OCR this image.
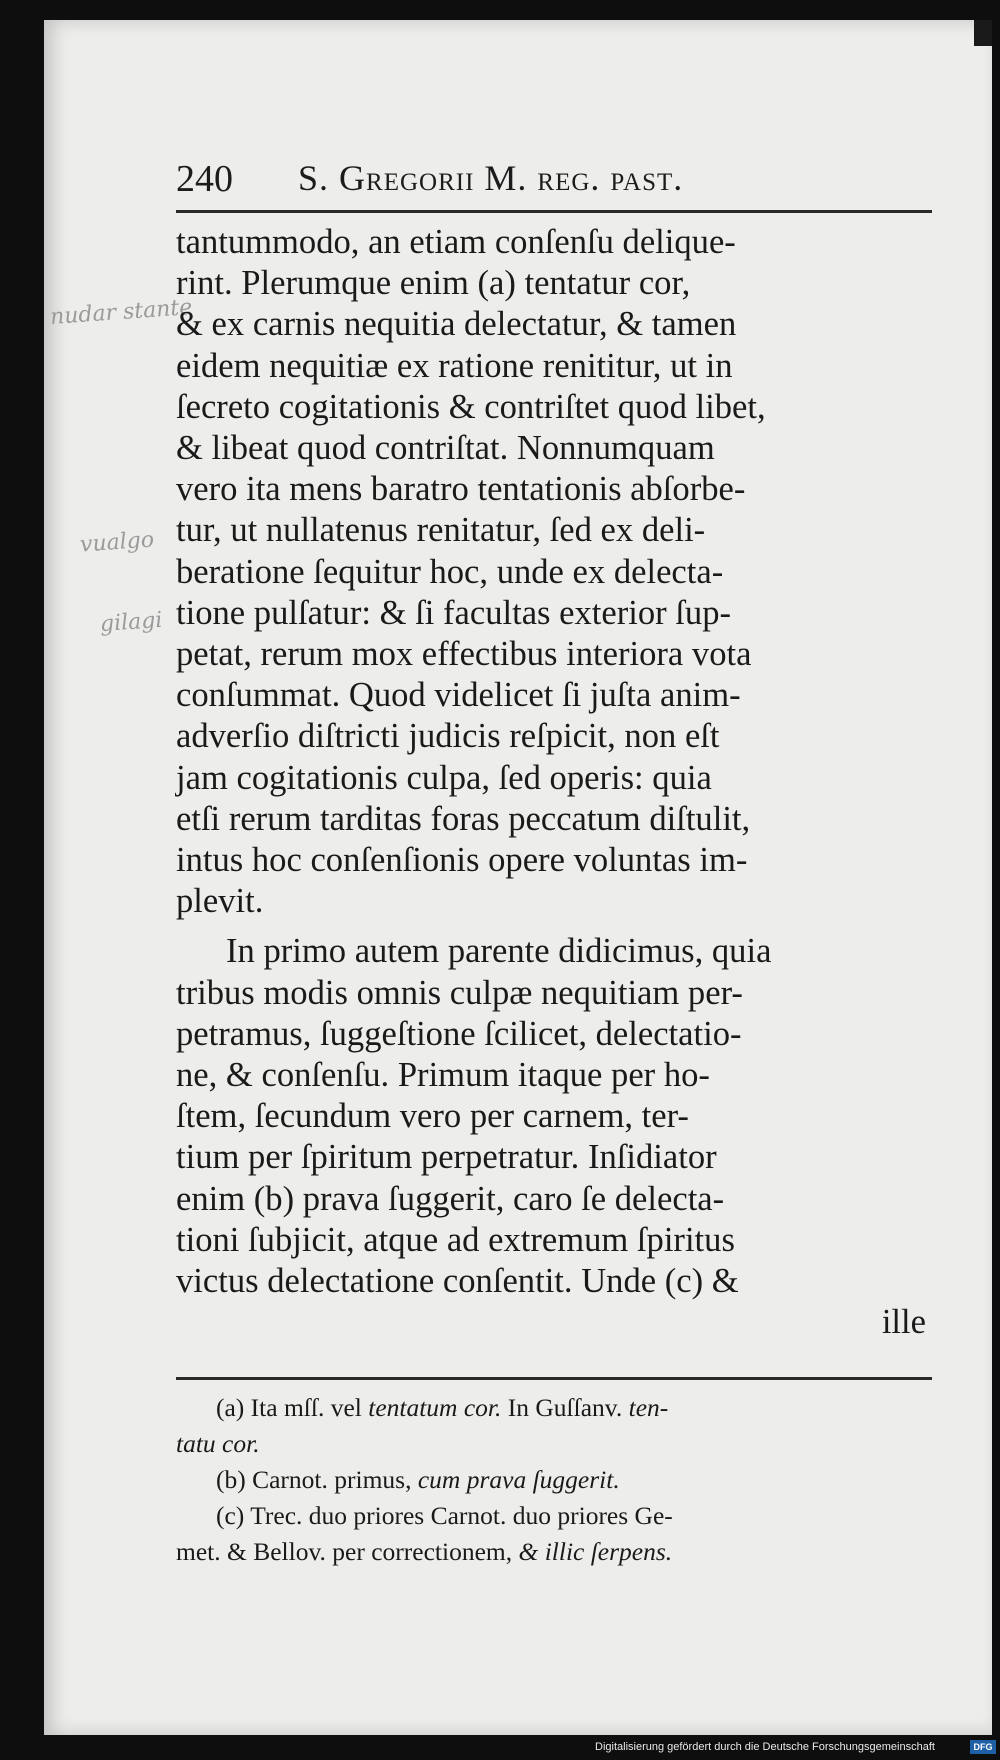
240 S. Gregorii M. reg. past.
nudar stante
vualgo
gilagi
tantummodo, an etiam conſenſu delique-
rint. Plerumque enim (a) tentatur cor,
& ex carnis nequitia delectatur, & tamen
eidem nequitiæ ex ratione renititur, ut in
ſecreto cogitationis & contriſtet quod libet,
& libeat quod contriſtat. Nonnumquam
vero ita mens baratro tentationis abſorbe-
tur, ut nullatenus renitatur, ſed ex deli-
beratione ſequitur hoc, unde ex delecta-
tione pulſatur: & ſi facultas exterior ſup-
petat, rerum mox effectibus interiora vota
conſummat. Quod videlicet ſi juſta anim-
adverſio diſtricti judicis reſpicit, non eſt
jam cogitationis culpa, ſed operis: quia
etſi rerum tarditas foras peccatum diſtulit,
intus hoc conſenſionis opere voluntas im-
plevit.
In primo autem parente didicimus, quia
tribus modis omnis culpæ nequitiam per-
petramus, ſuggeſtione ſcilicet, delectatio-
ne, & conſenſu. Primum itaque per ho-
ſtem, ſecundum vero per carnem, ter-
tium per ſpiritum perpetratur. Inſidiator
enim (b) prava ſuggerit, caro ſe delecta-
tioni ſubjicit, atque ad extremum ſpiritus
victus delectatione conſentit. Unde (c) &
ille
(a) Ita mſſ. vel tentatum cor. In Guſſanv. ten-
tatu cor.
(b) Carnot. primus, cum prava ſuggerit.
(c) Trec. duo priores Carnot. duo priores Ge-
met. & Bellov. per correctionem, & illic ſerpens.
Digitalisierung gefördert durch die Deutsche Forschungsgemeinschaft	DFG
